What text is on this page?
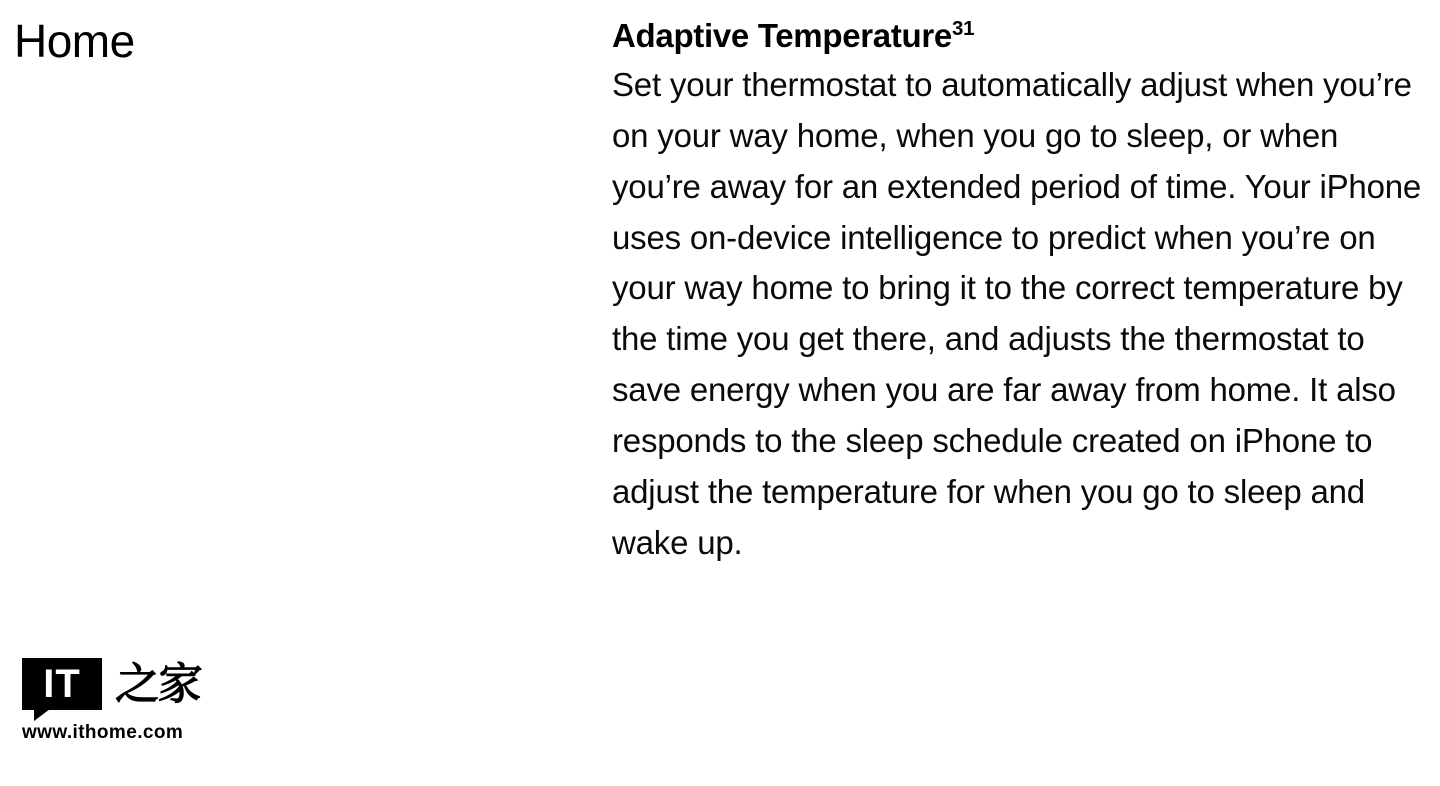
Home
IT 之家
www.ithome.com
Adaptive Temperature$^{31}$

Set your thermostat to automatically adjust when you’re on your way home, when you go to sleep, or when you’re away for an extended period of time. Your iPhone uses on-device intelligence to predict when you’re on your way home to bring it to the correct temperature by the time you get there, and adjusts the thermostat to save energy when you are far away from home. It also responds to the sleep schedule created on iPhone to adjust the temperature for when you go to sleep and wake up.
